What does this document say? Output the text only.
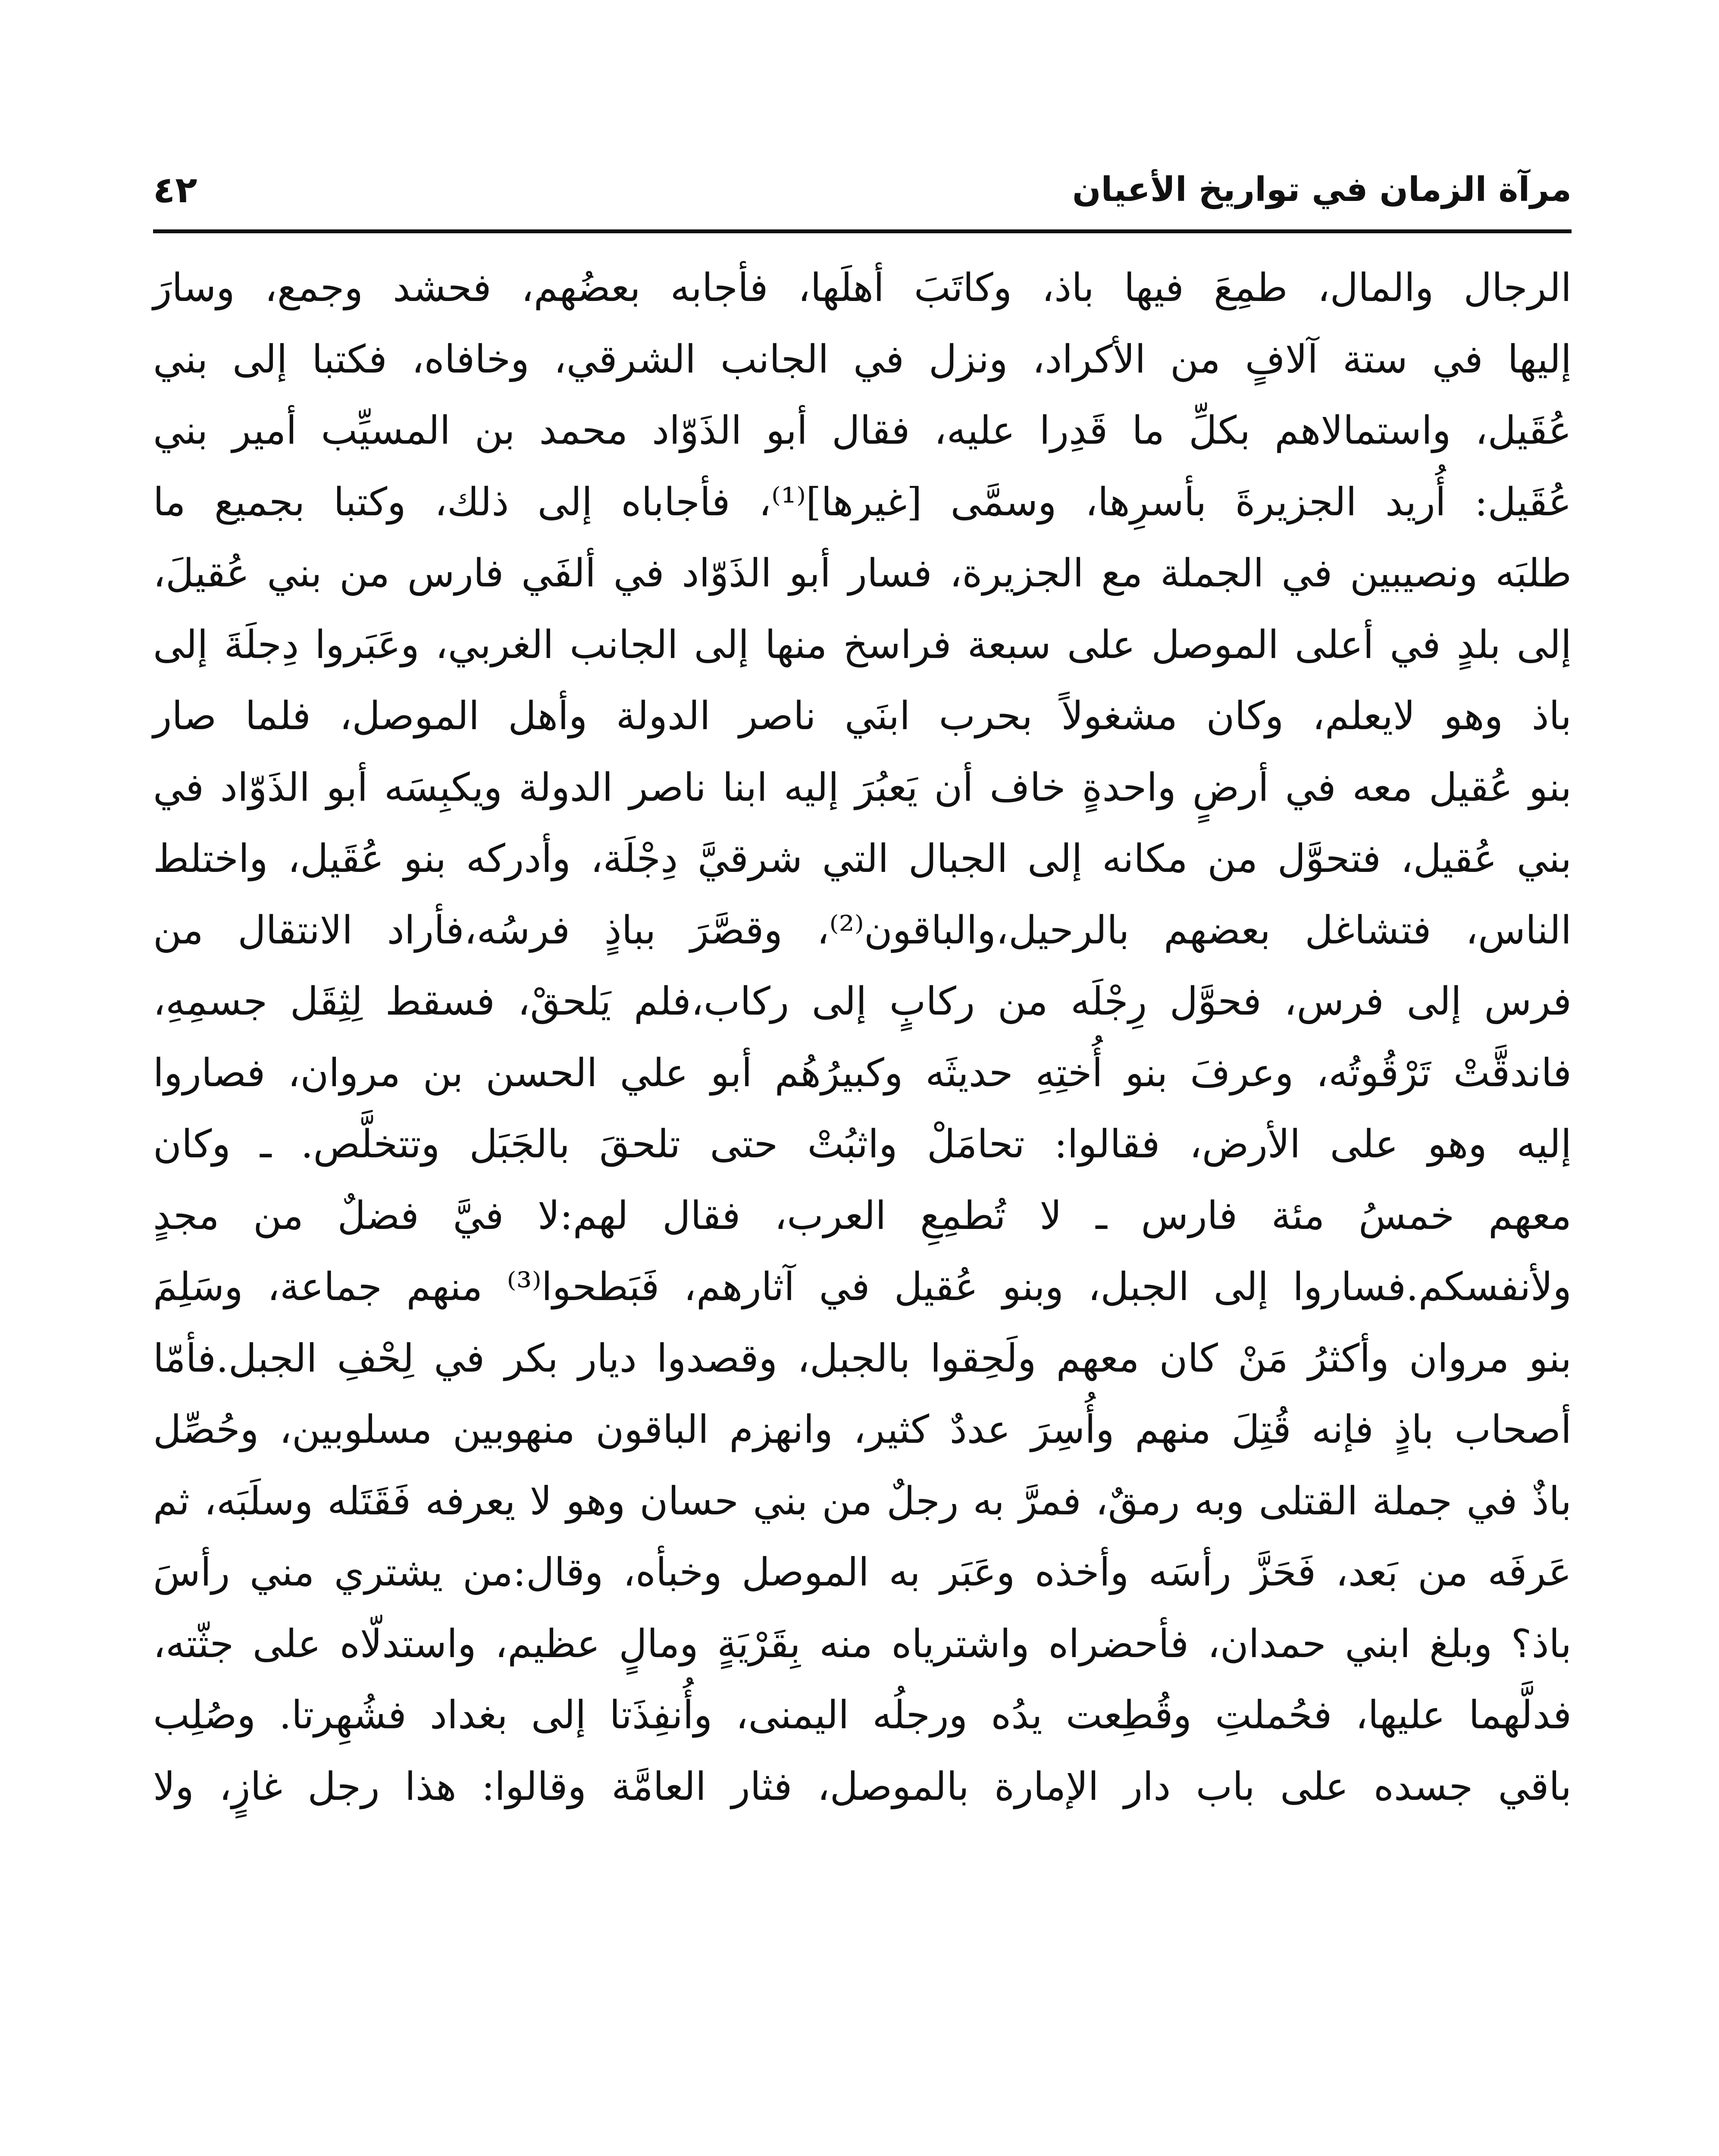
مرآة الزمان في تواريخ الأعيان
٤٢
الرجال والمال، طمِعَ فيها باذ، وكاتَبَ أهلَها، فأجابه بعضُهم، فحشد وجمع، وسارَ
إليها في ستة آلافٍ من الأكراد، ونزل في الجانب الشرقي، وخافاه، فكتبا إلى بني
عُقَيل، واستمالاهم بكلِّ ما قَدِرا عليه، فقال أبو الذَوّاد محمد بن المسيِّب أمير بني
عُقَيل: أُريد الجزيرةَ بأسرِها، وسمَّى [غيرها]⁽¹⁾، فأجاباه إلى ذلك، وكتبا بجميع ما
طلبَه ونصيبين في الجملة مع الجزيرة، فسار أبو الذَوّاد في ألفَي فارس من بني عُقيلَ،
إلى بلدٍ في أعلى الموصل على سبعة فراسخ منها إلى الجانب الغربي، وعَبَروا دِجلَةَ إلى
باذ وهو لايعلم، وكان مشغولاً بحرب ابنَي ناصر الدولة وأهل الموصل، فلما صار
بنو عُقيل معه في أرضٍ واحدةٍ خاف أن يَعبُرَ إليه ابنا ناصر الدولة ويكبِسَه أبو الذَوّاد في
بني عُقيل، فتحوَّل من مكانه إلى الجبال التي شرقيَّ دِجْلَة، وأدركه بنو عُقَيل، واختلط
الناس، فتشاغل بعضهم بالرحيل،والباقون⁽²⁾، وقصَّرَ بباذٍ فرسُه،فأراد الانتقال من
فرس إلى فرس، فحوَّل رِجْلَه من ركابٍ إلى ركاب،فلم يَلحقْ، فسقط لِثِقَل جسمِهِ،
فاندقَّتْ تَرْقُوتُه، وعرفَ بنو أُختِهِ حديثَه وكبيرُهُم أبو علي الحسن بن مروان، فصاروا
إليه وهو على الأرض، فقالوا: تحامَلْ واثبُتْ حتى تلحقَ بالجَبَل وتتخلَّص. ـ وكان
معهم خمسُ مئة فارس ـ لا تُطمِعِ العرب، فقال لهم:لا فيَّ فضلٌ من مجدٍ
ولأنفسكم.فساروا إلى الجبل، وبنو عُقيل في آثارهم، فَبَطحوا⁽³⁾ منهم جماعة، وسَلِمَ
بنو مروان وأكثرُ مَنْ كان معهم ولَحِقوا بالجبل، وقصدوا ديار بكر في لِحْفِ الجبل.فأمّا
أصحاب باذٍ فإنه قُتِلَ منهم وأُسِرَ عددٌ كثير، وانهزم الباقون منهوبين مسلوبين، وحُصِّل
باذٌ في جملة القتلى وبه رمقٌ، فمرَّ به رجلٌ من بني حسان وهو لا يعرفه فَقَتَله وسلَبَه، ثم
عَرفَه من بَعد، فَحَزَّ رأسَه وأخذه وعَبَر به الموصل وخبأه، وقال:من يشتري مني رأسَ
باذ؟ وبلغ ابني حمدان، فأحضراه واشترياه منه بِقَرْيَةٍ ومالٍ عظيم، واستدلّاه على جثّته،
فدلَّهما عليها، فحُملتِ وقُطِعت يدُه ورجلُه اليمنى، وأُنفِذَتا إلى بغداد فشُهِرتا. وصُلِب
باقي جسده على باب دار الإمارة بالموصل، فثار العامَّة وقالوا: هذا رجل غازٍ، ولا
